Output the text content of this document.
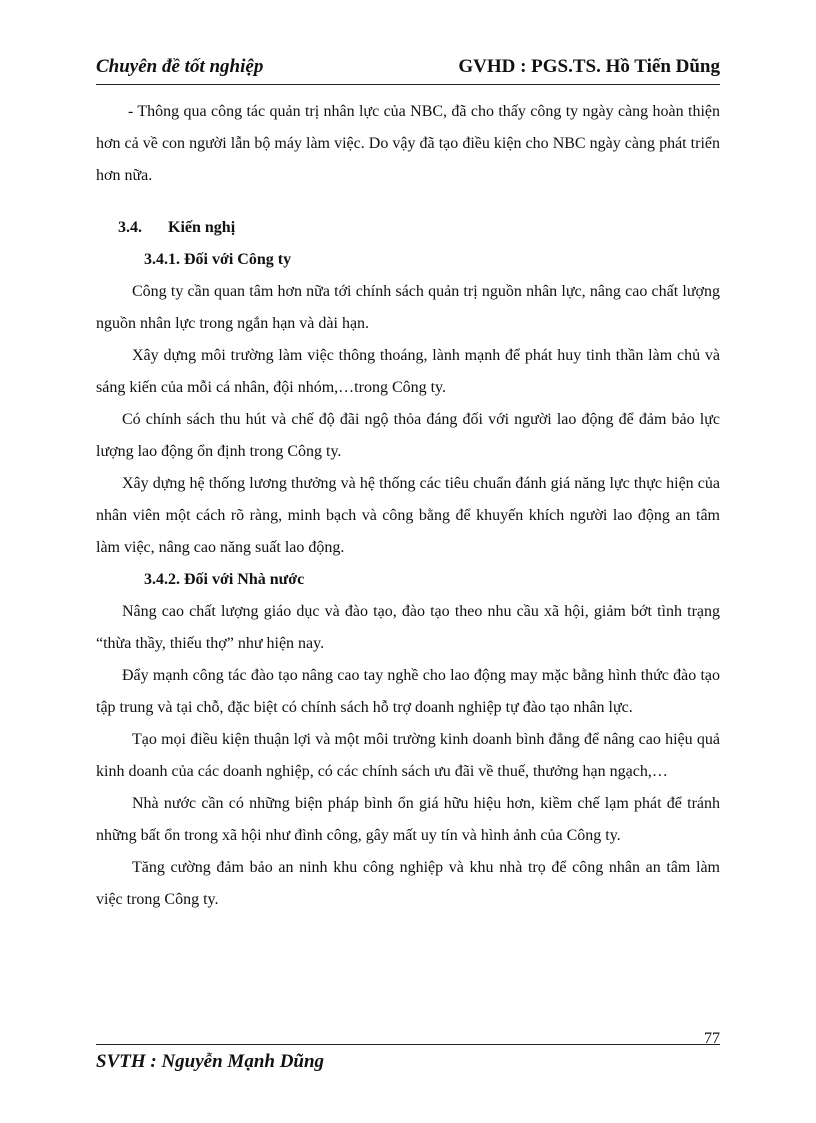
Chuyên đề tốt nghiệp	GVHD : PGS.TS. Hồ Tiến Dũng

- Thông qua công tác quản trị nhân lực của NBC, đã cho thấy công ty ngày càng hoàn thiện hơn cả về con người lẫn bộ máy làm việc. Do vậy đã tạo điều kiện cho NBC ngày càng phát triển hơn nữa.

3.4. Kiến nghị
3.4.1. Đối với Công ty

Công ty cần quan tâm hơn nữa tới chính sách quản trị nguồn nhân lực, nâng cao chất lượng nguồn nhân lực trong ngắn hạn và dài hạn.

Xây dựng môi trường làm việc thông thoáng, lành mạnh để phát huy tinh thần làm chủ và sáng kiến của mỗi cá nhân, đội nhóm,…trong Công ty.

Có chính sách thu hút và chế độ đãi ngộ thỏa đáng đối với người lao động để đảm bảo lực lượng lao động ổn định trong Công ty.

Xây dựng hệ thống lương thưởng và hệ thống các tiêu chuẩn đánh giá năng lực thực hiện của nhân viên một cách rõ ràng, minh bạch và công bằng để khuyến khích người lao động an tâm làm việc, nâng cao năng suất lao động.

3.4.2. Đối với Nhà nước

Nâng cao chất lượng giáo dục và đào tạo, đào tạo theo nhu cầu xã hội, giảm bớt tình trạng “thừa thầy, thiếu thợ” như hiện nay.

Đẩy mạnh công tác đào tạo nâng cao tay nghề cho lao động may mặc bằng hình thức đào tạo tập trung và tại chỗ, đặc biệt có chính sách hỗ trợ doanh nghiệp tự đào tạo nhân lực.

Tạo mọi điều kiện thuận lợi và một môi trường kinh doanh bình đẳng để nâng cao hiệu quả kinh doanh của các doanh nghiệp, có các chính sách ưu đãi về thuế, thưởng hạn ngạch,…

Nhà nước cần có những biện pháp bình ổn giá hữu hiệu hơn, kiềm chế lạm phát để tránh những bất ổn trong xã hội như đình công, gây mất uy tín và hình ảnh của Công ty.

Tăng cường đảm bảo an ninh khu công nghiệp và khu nhà trọ để công nhân an tâm làm việc trong Công ty.

77
SVTH : Nguyễn Mạnh Dũng
